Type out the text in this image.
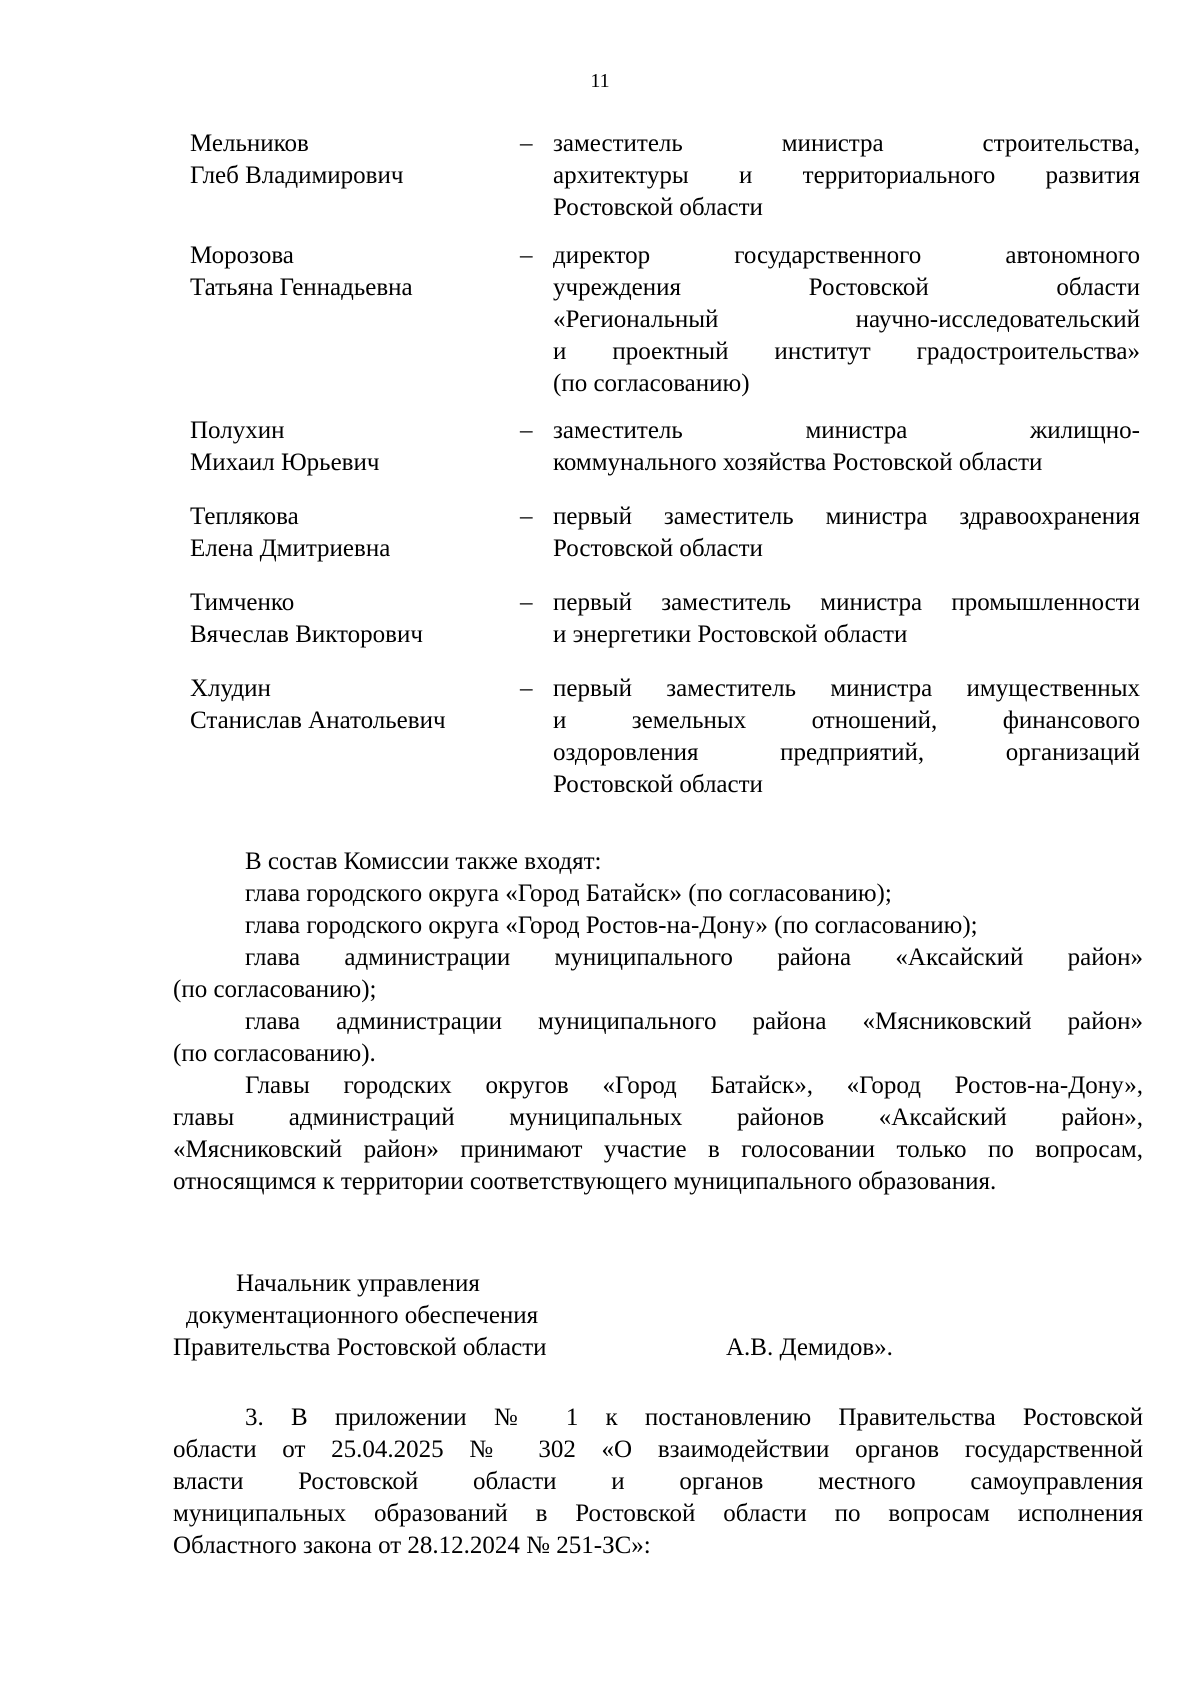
11
Мельников
Глеб Владимирович
– заместитель министра строительства,
архитектуры и территориального развития
Ростовской области
Морозова
Татьяна Геннадьевна
– директор государственного автономного
учреждения Ростовской области
«Региональный научно-исследовательский
и проектный институт градостроительства»
(по согласованию)
Полухин
Михаил Юрьевич
– заместитель министра жилищно-
коммунального хозяйства Ростовской области
Теплякова
Елена Дмитриевна
– первый заместитель министра здравоохранения
Ростовской области
Тимченко
Вячеслав Викторович
– первый заместитель министра промышленности
и энергетики Ростовской области
Хлудин
Станислав Анатольевич
– первый заместитель министра имущественных
и земельных отношений, финансового
оздоровления предприятий, организаций
Ростовской области
В состав Комиссии также входят:
глава городского округа «Город Батайск» (по согласованию);
глава городского округа «Город Ростов-на-Дону» (по согласованию);
глава администрации муниципального района «Аксайский район»
(по согласованию);
глава администрации муниципального района «Мясниковский район»
(по согласованию).
Главы городских округов «Город Батайск», «Город Ростов-на-Дону»,
главы администраций муниципальных районов «Аксайский район»,
«Мясниковский район» принимают участие в голосовании только по вопросам,
относящимся к территории соответствующего муниципального образования.
Начальник управления
документационного обеспечения
Правительства Ростовской области	А.В. Демидов».
3. В приложении № 1 к постановлению Правительства Ростовской
области от 25.04.2025 № 302 «О взаимодействии органов государственной
власти Ростовской области и органов местного самоуправления
муниципальных образований в Ростовской области по вопросам исполнения
Областного закона от 28.12.2024 № 251-ЗС»:
